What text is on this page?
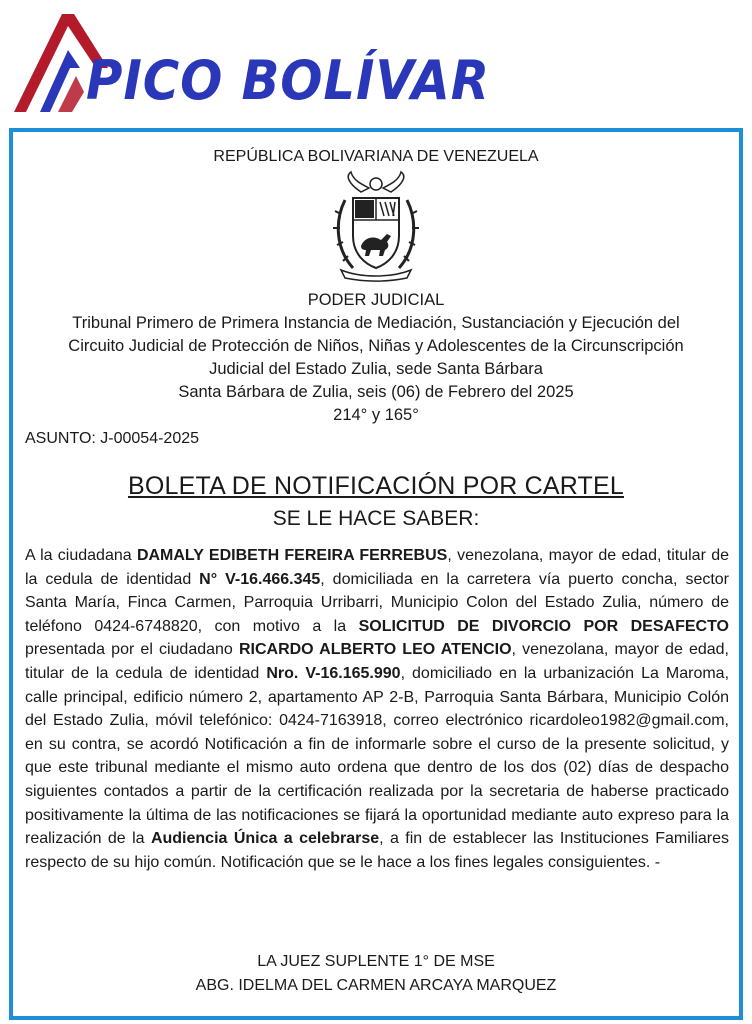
PICO BOLÍVAR
REPÚBLICA BOLIVARIANA DE VENEZUELA
PODER JUDICIAL
Tribunal Primero de Primera Instancia de Mediación, Sustanciación y Ejecución del
Circuito Judicial de Protección de Niños, Niñas y Adolescentes de la Circunscripción
Judicial del Estado Zulia, sede Santa Bárbara
Santa Bárbara de Zulia, seis (06) de Febrero del 2025
214° y 165°
ASUNTO: J-00054-2025
BOLETA DE NOTIFICACIÓN POR CARTEL
SE LE HACE SABER:
A la ciudadana DAMALY EDIBETH FEREIRA FERREBUS, venezolana, mayor de edad, titular de la cedula de identidad N° V-16.466.345, domiciliada en la carretera vía puerto concha, sector Santa María, Finca Carmen, Parroquia Urribarri, Municipio Colon del Estado Zulia, número de teléfono 0424-6748820, con motivo a la SOLICITUD DE DIVORCIO POR DESAFECTO presentada por el ciudadano RICARDO ALBERTO LEO ATENCIO, venezolana, mayor de edad, titular de la cedula de identidad Nro. V-16.165.990, domiciliado en la urbanización La Maroma, calle principal, edificio número 2, apartamento AP 2-B, Parroquia Santa Bárbara, Municipio Colón del Estado Zulia, móvil telefónico: 0424-7163918, correo electrónico ricardoleo1982@gmail.com, en su contra, se acordó Notificación a fin de informarle sobre el curso de la presente solicitud, y que este tribunal mediante el mismo auto ordena que dentro de los dos (02) días de despacho siguientes contados a partir de la certificación realizada por la secretaria de haberse practicado positivamente la última de las notificaciones se fijará la oportunidad mediante auto expreso para la realización de la Audiencia Única a celebrarse, a fin de establecer las Instituciones Familiares respecto de su hijo común. Notificación que se le hace a los fines legales consiguientes. -
LA JUEZ SUPLENTE 1° DE MSE
ABG. IDELMA DEL CARMEN ARCAYA MARQUEZ
